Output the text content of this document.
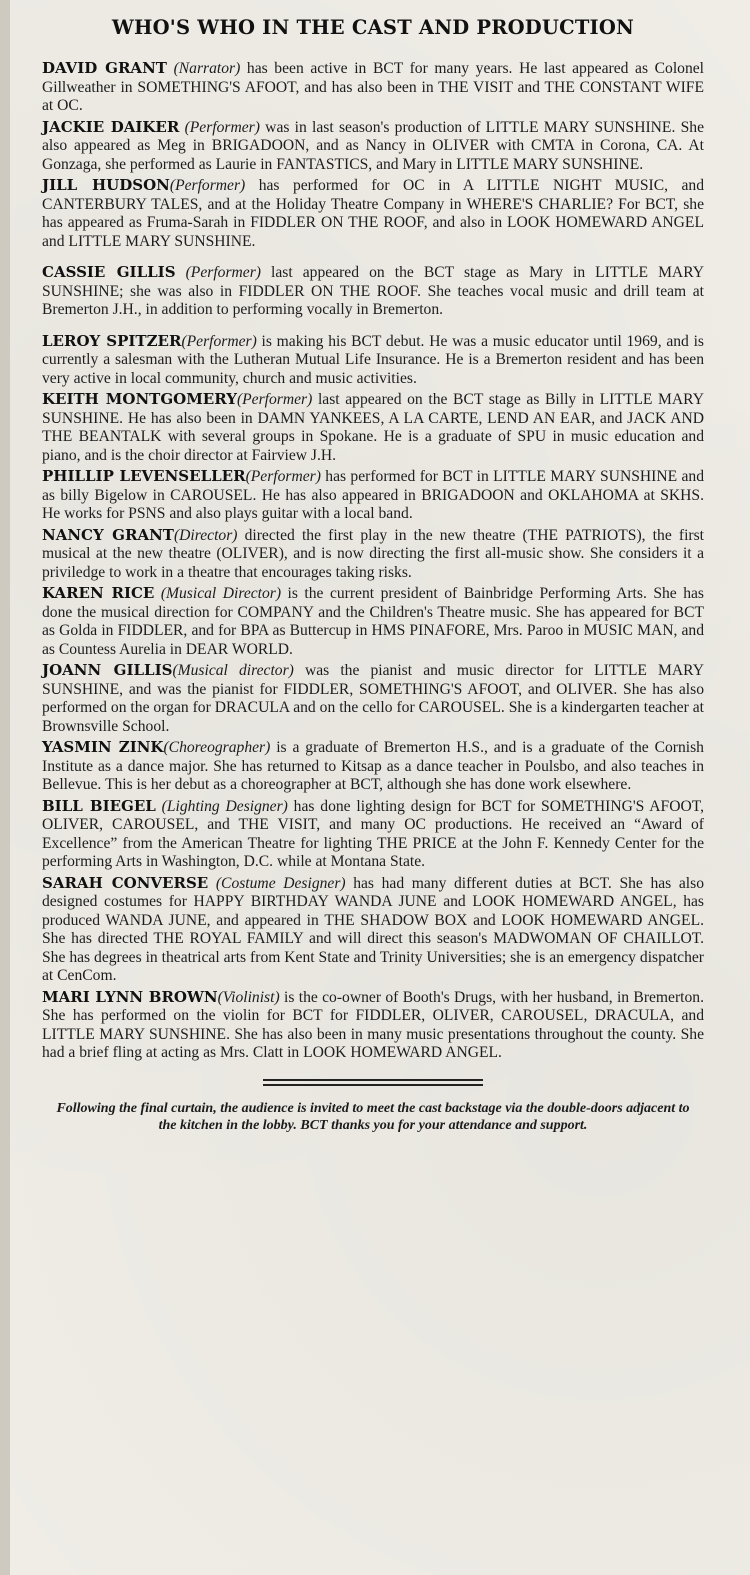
WHO'S WHO IN THE CAST AND PRODUCTION

DAVID GRANT (Narrator) has been active in BCT for many years. He last appeared as Colonel Gillweather in SOMETHING'S AFOOT, and has also been in THE VISIT and THE CONSTANT WIFE at OC.

JACKIE DAIKER (Performer) was in last season's production of LITTLE MARY SUNSHINE. She also appeared as Meg in BRIGADOON, and as Nancy in OLIVER with CMTA in Corona, CA. At Gonzaga, she performed as Laurie in FANTASTICS, and Mary in LITTLE MARY SUNSHINE.

JILL HUDSON(Performer) has performed for OC in A LITTLE NIGHT MUSIC, and CANTERBURY TALES, and at the Holiday Theatre Company in WHERE'S CHARLIE? For BCT, she has appeared as Fruma-Sarah in FIDDLER ON THE ROOF, and also in LOOK HOMEWARD ANGEL and LITTLE MARY SUNSHINE.

CASSIE GILLIS (Performer) last appeared on the BCT stage as Mary in LITTLE MARY SUNSHINE; she was also in FIDDLER ON THE ROOF. She teaches vocal music and drill team at Bremerton J.H., in addition to performing vocally in Bremerton.

LEROY SPITZER(Performer) is making his BCT debut. He was a music educator until 1969, and is currently a salesman with the Lutheran Mutual Life Insurance. He is a Bremerton resident and has been very active in local community, church and music activities.

KEITH MONTGOMERY(Performer) last appeared on the BCT stage as Billy in LITTLE MARY SUNSHINE. He has also been in DAMN YANKEES, A LA CARTE, LEND AN EAR, and JACK AND THE BEANTALK with several groups in Spokane. He is a graduate of SPU in music education and piano, and is the choir director at Fairview J.H.

PHILLIP LEVENSELLER(Performer) has performed for BCT in LITTLE MARY SUNSHINE and as billy Bigelow in CAROUSEL. He has also appeared in BRIGADOON and OKLAHOMA at SKHS. He works for PSNS and also plays guitar with a local band.

NANCY GRANT(Director) directed the first play in the new theatre (THE PATRIOTS), the first musical at the new theatre (OLIVER), and is now directing the first all-music show. She considers it a priviledge to work in a theatre that encourages taking risks.

KAREN RICE (Musical Director) is the current president of Bainbridge Performing Arts. She has done the musical direction for COMPANY and the Children's Theatre music. She has appeared for BCT as Golda in FIDDLER, and for BPA as Buttercup in HMS PINAFORE, Mrs. Paroo in MUSIC MAN, and as Countess Aurelia in DEAR WORLD.

JOANN GILLIS(Musical director) was the pianist and music director for LITTLE MARY SUNSHINE, and was the pianist for FIDDLER, SOMETHING'S AFOOT, and OLIVER. She has also performed on the organ for DRACULA and on the cello for CAROUSEL. She is a kindergarten teacher at Brownsville School.

YASMIN ZINK(Choreographer) is a graduate of Bremerton H.S., and is a graduate of the Cornish Institute as a dance major. She has returned to Kitsap as a dance teacher in Poulsbo, and also teaches in Bellevue. This is her debut as a choreographer at BCT, although she has done work elsewhere.

BILL BIEGEL (Lighting Designer) has done lighting design for BCT for SOMETHING'S AFOOT, OLIVER, CAROUSEL, and THE VISIT, and many OC productions. He received an “Award of Excellence” from the American Theatre for lighting THE PRICE at the John F. Kennedy Center for the performing Arts in Washington, D.C. while at Montana State.

SARAH CONVERSE (Costume Designer) has had many different duties at BCT. She has also designed costumes for HAPPY BIRTHDAY WANDA JUNE and LOOK HOMEWARD ANGEL, has produced WANDA JUNE, and appeared in THE SHADOW BOX and LOOK HOMEWARD ANGEL. She has directed THE ROYAL FAMILY and will direct this season's MADWOMAN OF CHAILLOT. She has degrees in theatrical arts from Kent State and Trinity Universities; she is an emergency dispatcher at CenCom.

MARI LYNN BROWN(Violinist) is the co-owner of Booth's Drugs, with her husband, in Bremerton. She has performed on the violin for BCT for FIDDLER, OLIVER, CAROUSEL, DRACULA, and LITTLE MARY SUNSHINE. She has also been in many music presentations throughout the county. She had a brief fling at acting as Mrs. Clatt in LOOK HOMEWARD ANGEL.

Following the final curtain, the audience is invited to meet the cast backstage via the double-doors adjacent to the kitchen in the lobby. BCT thanks you for your attendance and support.
